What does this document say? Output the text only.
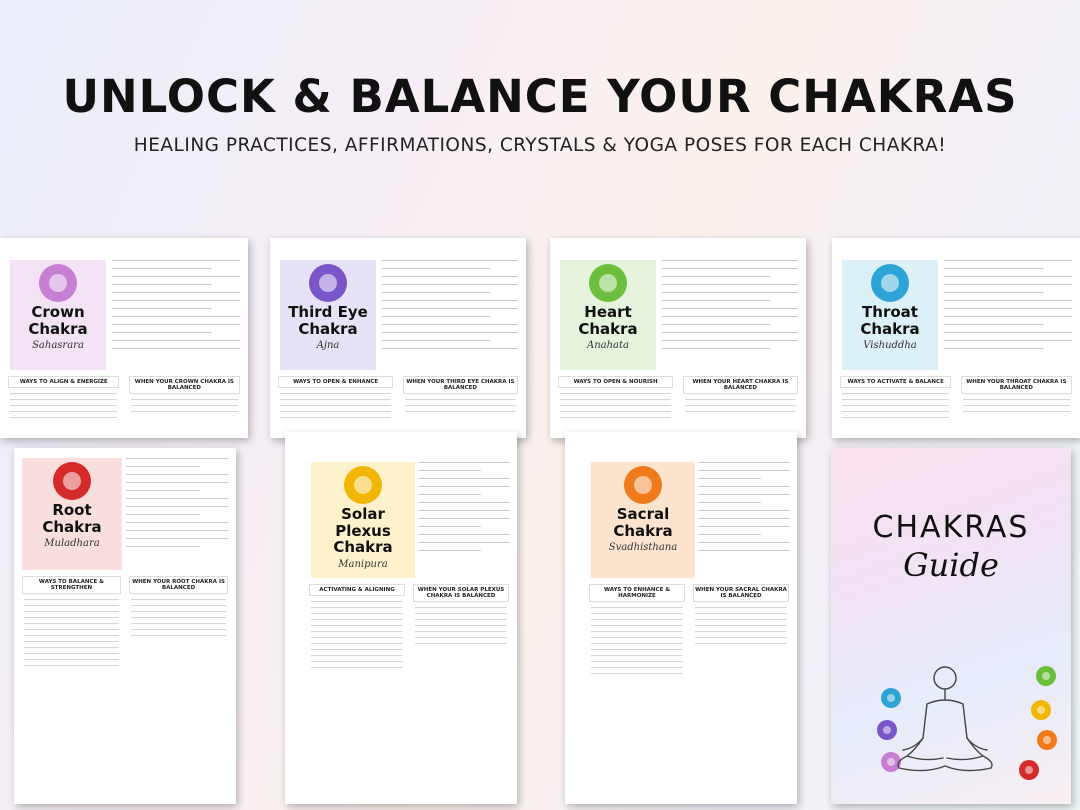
UNLOCK & BALANCE YOUR CHAKRAS
HEALING PRACTICES, AFFIRMATIONS, CRYSTALS & YOGA POSES FOR EACH CHAKRA!
Crown Chakra
Sahasrara
WAYS TO ALIGN & ENERGIZE	WHEN YOUR CROWN CHAKRA IS BALANCED
Third Eye Chakra
Ajna
WAYS TO OPEN & ENHANCE	WHEN YOUR THIRD EYE CHAKRA IS BALANCED
Heart Chakra
Anahata
WAYS TO OPEN & NOURISH	WHEN YOUR HEART CHAKRA IS BALANCED
Throat Chakra
Vishuddha
WAYS TO ACTIVATE & BALANCE	WHEN YOUR THROAT CHAKRA IS BALANCED
Root Chakra
Muladhara
WAYS TO BALANCE & STRENGTHEN
WHEN YOUR ROOT CHAKRA IS BALANCED
Solar Plexus Chakra
Manipura
ACTIVATING & ALIGNING	WHEN YOUR SOLAR PLEXUS CHAKRA IS BALANCED
Sacral Chakra
Svadhisthana
WAYS TO ENHANCE & HARMONIZE
WHEN YOUR SACRAL CHAKRA IS BALANCED
CHAKRAS
Guide
